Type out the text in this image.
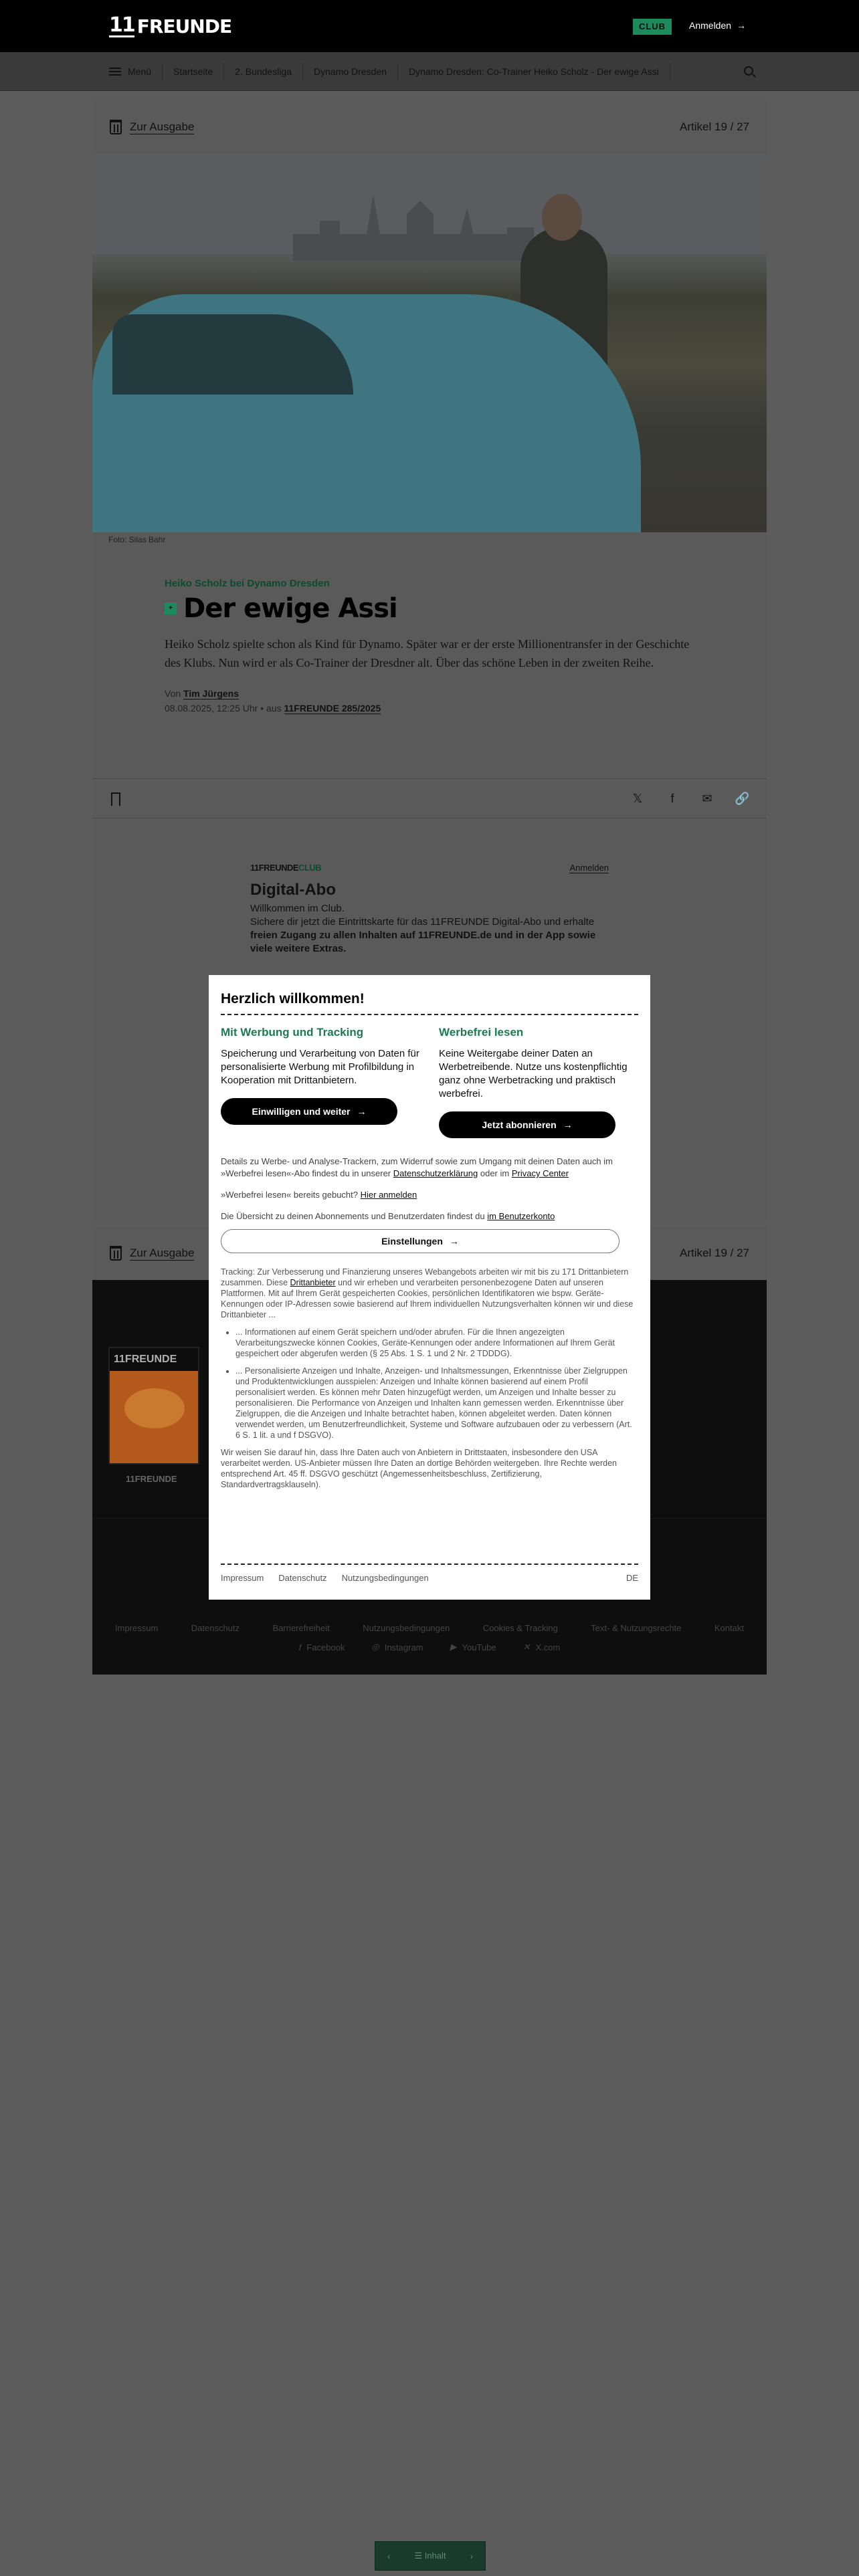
11 FREUNDE	CLUB	Anmelden →
Menü	Startseite	2. Bundesliga	Dynamo Dresden	Dynamo Dresden: Co-Trainer Heiko Scholz - Der ewige Assi
Zur Ausgabe	Artikel 19 / 27
Foto: Silas Bahr
Heiko Scholz bei Dynamo Dresden
+ Der ewige Assi

Heiko Scholz spielte schon als Kind für Dynamo. Später war er der erste Millionentransfer in der Geschichte des Klubs. Nun wird er als Co-Trainer der Dresdner alt. Über das schöne Leben in der zweiten Reihe.

Von Tim Jürgens
08.08.2025, 12:25 Uhr • aus 11FREUNDE 285/2025
𝕏	f	✉ 🔗
11FREUNDECLUB	Anmelden
Digital-Abo
Willkommen im Club.
Sichere dir jetzt die Eintrittskarte für das 11FREUNDE Digital-Abo und erhalte freien Zugang zu allen Inhalten auf 11FREUNDE.de und in der App sowie viele weitere Extras.
Zur Ausgabe	Artikel 19 / 27
11FREUNDE
11FREUNDE
Impressum	Datenschutz	Barrierefreiheit	Nutzungsbedingungen	Cookies & Tracking	Text- & Nutzungsrechte	Kontakt
f Facebook	◎ Instagram	▶ YouTube	✕ X.com
‹	☰ Inhalt	›
Herzlich willkommen!
Mit Werbung und Tracking

Speicherung und Verarbeitung von Daten für personalisierte Werbung mit Profilbildung in Kooperation mit Drittanbietern.

Einwilligen und weiter →
Werbefrei lesen

Keine Weitergabe deiner Daten an Werbetreibende. Nutze uns kostenpflichtig ganz ohne Werbetracking und praktisch werbefrei.

Jetzt abonnieren →

Details zu Werbe- und Analyse-Trackern, zum Widerruf sowie zum Umgang mit deinen Daten auch im »Werbefrei lesen«-Abo findest du in unserer Datenschutzerklärung oder im Privacy Center

»Werbefrei lesen« bereits gebucht? Hier anmelden

Die Übersicht zu deinen Abonnements und Benutzerdaten findest du im Benutzerkonto

Einstellungen →
Tracking: Zur Verbesserung und Finanzierung unseres Webangebots arbeiten wir mit bis zu 171 Drittanbietern zusammen. Diese Drittanbieter und wir erheben und verarbeiten personenbezogene Daten auf unseren Plattformen. Mit auf Ihrem Gerät gespeicherten Cookies, persönlichen Identifikatoren wie bspw. Geräte-Kennungen oder IP-Adressen sowie basierend auf Ihrem individuellen Nutzungsverhalten können wir und diese Drittanbieter ...
• ... Informationen auf einem Gerät speichern und/oder abrufen. Für die Ihnen angezeigten Verarbeitungszwecke können Cookies, Geräte-Kennungen oder andere Informationen auf Ihrem Gerät gespeichert oder abgerufen werden (§ 25 Abs. 1 S. 1 und 2 Nr. 2 TDDDG).
• ... Personalisierte Anzeigen und Inhalte, Anzeigen- und Inhaltsmessungen, Erkenntnisse über Zielgruppen und Produktentwicklungen ausspielen: Anzeigen und Inhalte können basierend auf einem Profil personalisiert werden. Es können mehr Daten hinzugefügt werden, um Anzeigen und Inhalte besser zu personalisieren. Die Performance von Anzeigen und Inhalten kann gemessen werden. Erkenntnisse über Zielgruppen, die die Anzeigen und Inhalte betrachtet haben, können abgeleitet werden. Daten können verwendet werden, um Benutzerfreundlichkeit, Systeme und Software aufzubauen oder zu verbessern (Art. 6 S. 1 lit. a und f DSGVO).

Wir weisen Sie darauf hin, dass Ihre Daten auch von Anbietern in Drittstaaten, insbesondere den USA verarbeitet werden. US-Anbieter müssen Ihre Daten an dortige Behörden weitergeben. Ihre Rechte werden entsprechend Art. 45 ff. DSGVO geschützt (Angemessenheitsbeschluss, Zertifizierung, Standardvertragsklauseln).

Impressum Datenschutz Nutzungsbedingungen	DE
